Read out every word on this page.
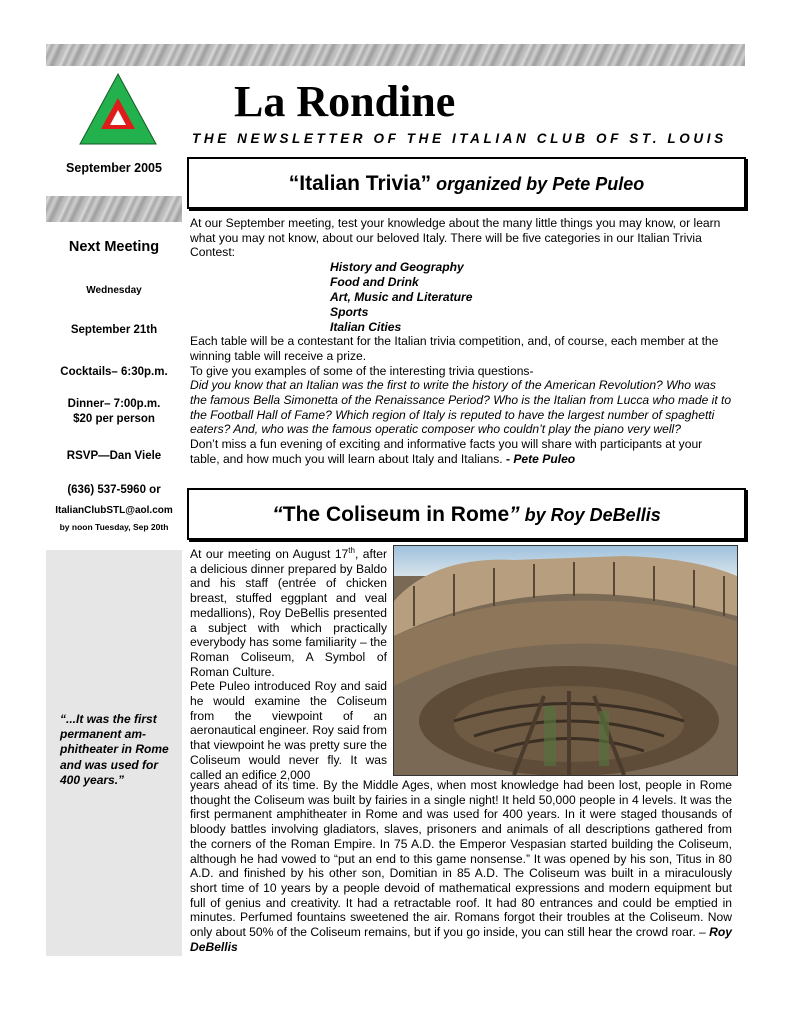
La Rondine
THE NEWSLETTER OF THE ITALIAN CLUB OF ST. LOUIS
September 2005
Next Meeting
Wednesday
September 21th
Cocktails– 6:30p.m.
Dinner– 7:00p.m.
$20 per person
RSVP—Dan Viele
(636) 537-5960 or
ItalianClubSTL@aol.com
by noon Tuesday, Sep 20th
“...It was the first permanent am-phitheater in Rome and was used for 400 years.”
“Italian Trivia” organized by Pete Puleo
At our September meeting, test your knowledge about the many little things you may know, or learn what you may not know, about our beloved Italy. There will be five categories in our Italian Trivia Contest:
Each table will be a contestant for the Italian trivia competition, and, of course, each member at the winning table will receive a prize.
To give you examples of some of the interesting trivia questions-
Did you know that an Italian was the first to write the history of the American Revolution? Who was the famous Bella Simonetta of the Renaissance Period? Who is the Italian from Lucca who made it to the Football Hall of Fame? Which region of Italy is reputed to have the largest number of spaghetti eaters? And, who was the famous operatic composer who couldn’t play the piano very well?
Don’t miss a fun evening of exciting and informative facts you will share with participants at your table, and how much you will learn about Italy and Italians. - Pete Puleo
History and Geography
Food and Drink
Art, Music and Literature
Sports
Italian Cities
“The Coliseum in Rome” by Roy DeBellis
At our meeting on August 17th, after a delicious dinner prepared by Baldo and his staff (entrée of chicken breast, stuffed eggplant and veal medallions), Roy DeBellis presented a subject with which practically everybody has some familiarity – the Roman Coliseum, A Symbol of Roman Culture.
Pete Puleo introduced Roy and said he would examine the Coliseum from the viewpoint of an aeronautical engineer. Roy said from that viewpoint he was pretty sure the Coliseum would never fly. It was called an edifice 2,000
years ahead of its time. By the Middle Ages, when most knowledge had been lost, people in Rome thought the Coliseum was built by fairies in a single night! It held 50,000 people in 4 levels. It was the first permanent amphitheater in Rome and was used for 400 years. In it were staged thousands of bloody battles involving gladiators, slaves, prisoners and animals of all descriptions gathered from the corners of the Roman Empire. In 75 A.D. the Emperor Vespasian started building the Coliseum, although he had vowed to “put an end to this game nonsense.” It was opened by his son, Titus in 80 A.D. and finished by his other son, Domitian in 85 A.D. The Coliseum was built in a miraculously short time of 10 years by a people devoid of mathematical expressions and modern equipment but full of genius and creativity. It had a retractable roof. It had 80 entrances and could be emptied in minutes. Perfumed fountains sweetened the air. Romans forgot their troubles at the Coliseum. Now only about 50% of the Coliseum remains, but if you go inside, you can still hear the crowd roar. – Roy DeBellis
